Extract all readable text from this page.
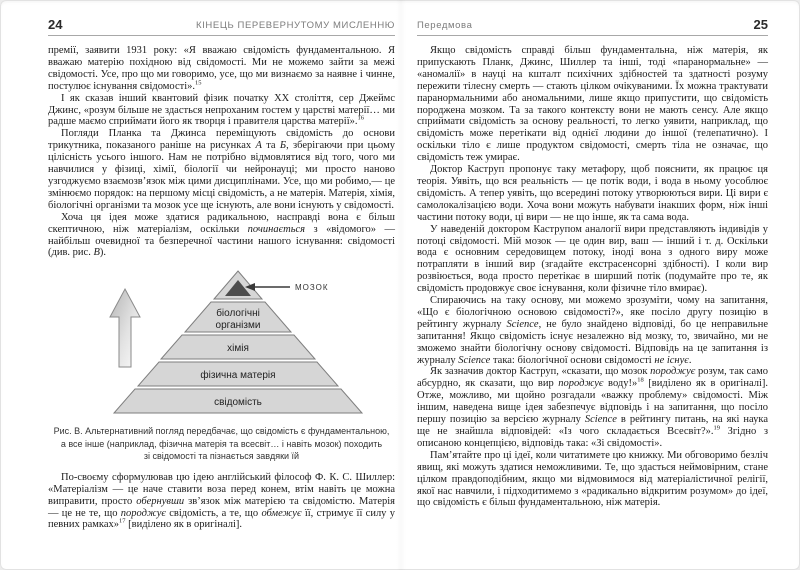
24	КІНЕЦЬ ПЕРЕВЕРНУТОМУ МИСЛЕННЮ

премії, заявити 1931 року: «Я вважаю свідомість фундаментальною. Я вважаю матерію похідною від свідомості. Ми не можемо зайти за межі свідомості. Усе, про що ми говоримо, усе, що ми визнаємо за наявне і чинне, постулює існування свідомості».$^{15}$

І як сказав інший квантовий фізик початку XX століття, сер Джеймс Джинс, «розум більше не здасться непроханим гостем у царстві матерії… ми радше маємо сприймати його як творця і правителя царства матерії».$^{16}$

Погляди Планка та Джинса переміщують свідомість до основи трикутника, показаного раніше на рисунках А та Б, зберігаючи при цьому цілісність усього іншого. Нам не потрібно відмовлятися від того, чого ми навчилися у фізиці, хімії, біології чи нейронауці; ми просто наново узгоджуємо взаємозв’язок між цими дисциплінами. Усе, що ми робимо,— це змінюємо порядок: на першому місці свідомість, а не матерія. Матерія, хімія, біологічні організми та мозок усе ще існують, але вони існують у свідомості.

Хоча ця ідея може здатися радикальною, насправді вона є більш скептичною, ніж матеріалізм, оскільки починається з «відомого» — найбільш очевидної та безперечної частини нашого існування: свідомості (див. рис. В).

МОЗОК
біологічні
організми
хімія
фізична матерія
свідомість
Рис. В. Альтернативний погляд передбачає, що свідомість є фундаментальною,
а все інше (наприклад, фізична матерія та всесвіт… і навіть мозок) походить
зі свідомості та пізнається завдяки їй

По-своєму сформулював цю ідею англійський філософ Ф. К. С. Шиллер: «Матеріалізм — це наче ставити воза перед конем, втім навіть це можна виправити, просто обернувши зв’язок між матерією та свідомістю. Матерія — це не те, що породжує свідомість, а те, що обмежує її, стримує її силу у певних рамках»$^{17}$ [виділено як в оригіналі].

Передмова	25

Якщо свідомість справді більш фундаментальна, ніж матерія, як припускають Планк, Джинс, Шиллер та інші, тоді «паранормальне» — «аномалії» в науці на кшталт психічних здібностей та здатності розуму пережити тілесну смерть — стають цілком очікуваними. Їх можна трактувати паранормальними або аномальними, лише якщо припустити, що свідомість породжена мозком. Та за такого контексту вони не мають сенсу. Але якщо сприймати свідомість за основу реальності, то легко уявити, наприклад, що свідомість може перетікати від однієї людини до іншої (телепатично). І оскільки тіло є лише продуктом свідомості, смерть тіла не означає, що свідомість теж умирає.

Доктор Каструп пропонує таку метафору, щоб пояснити, як працює ця теорія. Уявіть, що вся реальність — це потік води, і вода в ньому уособлює свідомість. А тепер уявіть, що всередині потоку утворюються вири. Ці вири є самолокалізацією води. Хоча вони можуть набувати інакших форм, ніж інші частини потоку води, ці вири — не що інше, як та сама вода.

У наведеній доктором Каструпом аналогії вири представляють індивідів у потоці свідомості. Мій мозок — це один вир, ваш — інший і т. д. Оскільки вода є основним середовищем потоку, іноді вона з одного виру може потрапляти в інший вир (згадайте екстрасенсорні здібності). І коли вир розвіюється, вода просто перетікає в ширший потік (подумайте про те, як свідомість продовжує своє існування, коли фізичне тіло вмирає).

Спираючись на таку основу, ми можемо зрозуміти, чому на запитання, «Що є біологічною основою свідомості?», яке посіло другу позицію в рейтингу журналу Science, не було знайдено відповіді, бо це неправильне запитання! Якщо свідомість існує незалежно від мозку, то, звичайно, ми не зможемо знайти біологічну основу свідомості. Відповідь на це запитання із журналу Science така: біологічної основи свідомості не існує.

Як зазначив доктор Каструп, «сказати, що мозок породжує розум, так само абсурдно, як сказати, що вир породжує воду!»$^{18}$ [виділено як в оригіналі]. Отже, можливо, ми щойно розгадали «важку проблему» свідомості. Між іншим, наведена вище ідея забезпечує відповідь і на запитання, що посіло першу позицію за версією журналу Science в рейтингу питань, на які наука ще не знайшла відповідей: «Із чого складається Всесвіт?».$^{19}$ Згідно з описаною концепцією, відповідь така: «Зі свідомості».

Пам’ятайте про ці ідеї, коли читатимете цю книжку. Ми обговоримо безліч явищ, які можуть здатися неможливими. Те, що здасться неймовірним, стане цілком правдоподібним, якщо ми відмовимося від матеріалістичної релігії, якої нас навчили, і підходитимемо з «радикально відкритим розумом» до ідеї, що свідомість є більш фундаментальною, ніж матерія.
